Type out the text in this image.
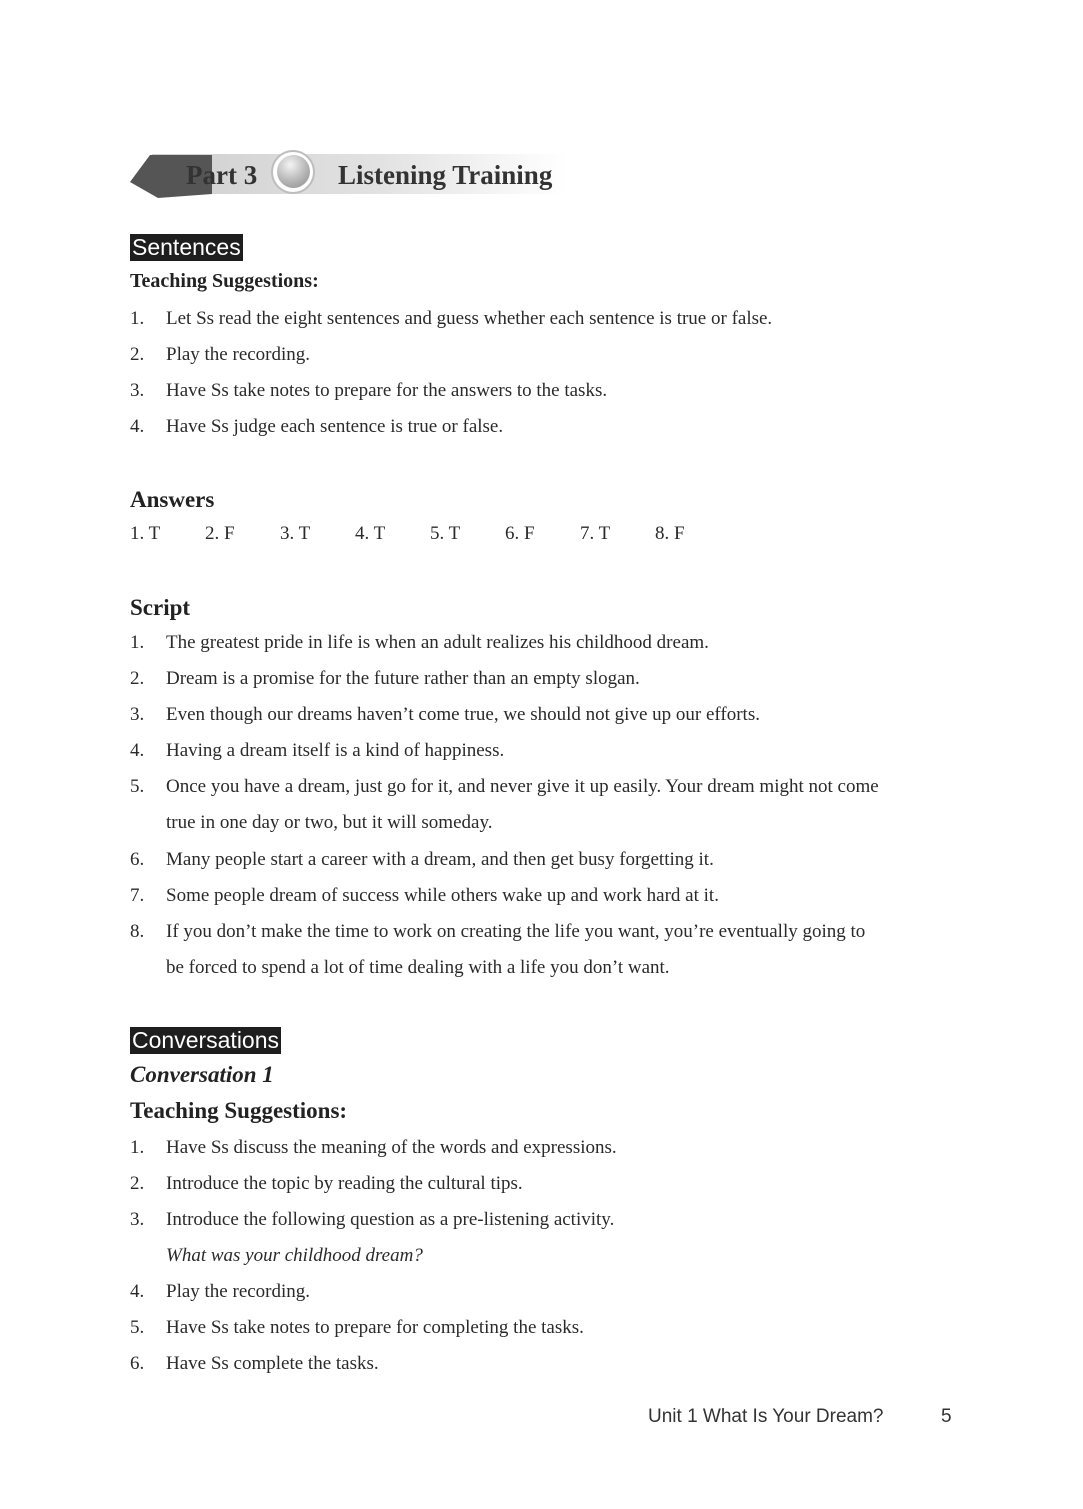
Part 3	Listening Training
Sentences
Teaching Suggestions:
1.	Let Ss read the eight sentences and guess whether each sentence is true or false.
2.	Play the recording.
3.	Have Ss take notes to prepare for the answers to the tasks.
4.	Have Ss judge each sentence is true or false.
Answers
1. T 2. F 3. T 4. T 5. T 6. F 7. T 8. F
Script
1.	The greatest pride in life is when an adult realizes his childhood dream.
2.	Dream is a promise for the future rather than an empty slogan.
3.	Even though our dreams haven’t come true, we should not give up our efforts.
4.	Having a dream itself is a kind of happiness.
5.	Once you have a dream, just go for it, and never give it up easily. Your dream might not come
true in one day or two, but it will someday.
6.	Many people start a career with a dream, and then get busy forgetting it.
7.	Some people dream of success while others wake up and work hard at it.
8.	If you don’t make the time to work on creating the life you want, you’re eventually going to
be forced to spend a lot of time dealing with a life you don’t want.
Conversations
Conversation 1
Teaching Suggestions:
1.	Have Ss discuss the meaning of the words and expressions.
2.	Introduce the topic by reading the cultural tips.
3.	Introduce the following question as a pre-listening activity.
What was your childhood dream?
4.	Play the recording.
5.	Have Ss take notes to prepare for completing the tasks.
6.	Have Ss complete the tasks.
Unit 1 What Is Your Dream?	5
